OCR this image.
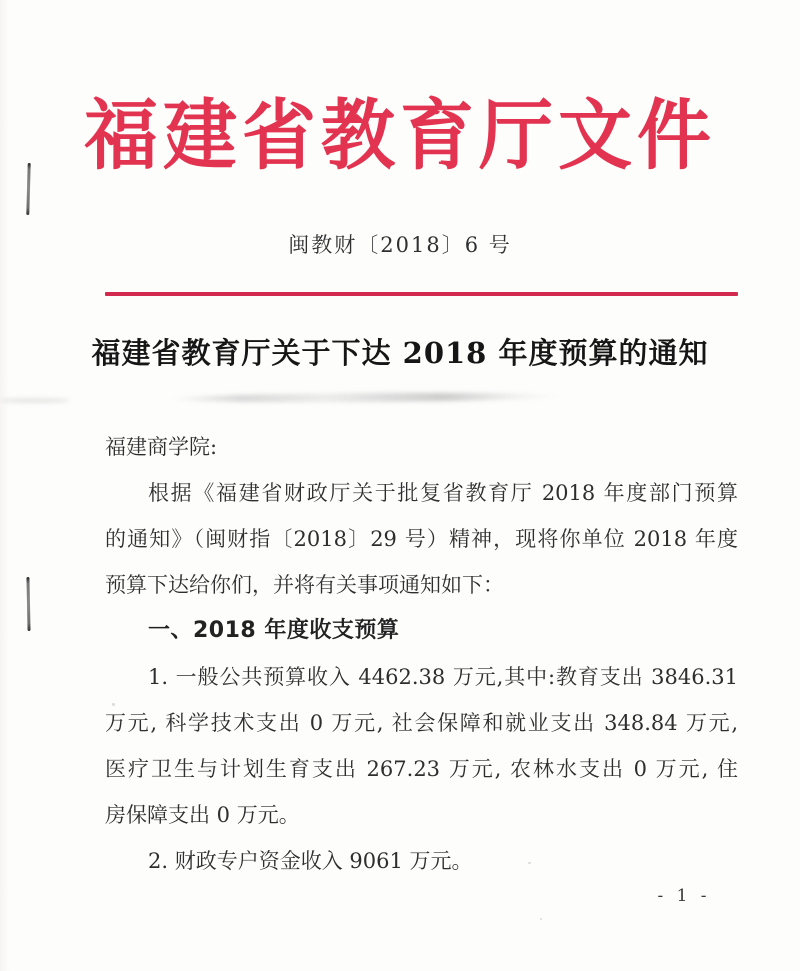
福建省教育厅文件
闽教财〔2018〕6 号
福建省教育厅关于下达 2018 年度预算的通知
福建商学院:
根据《福建省财政厅关于批复省教育厅 2018 年度部门预算
的通知》（闽财指〔2018〕29 号）精神，现将你单位 2018 年度
预算下达给你们，并将有关事项通知如下：
一、2018 年度收支预算
1. 一般公共预算收入 4462.38 万元,其中:教育支出 3846.31
万元, 科学技术支出 0 万元, 社会保障和就业支出 348.84 万元,
医疗卫生与计划生育支出 267.23 万元, 农林水支出 0 万元, 住
房保障支出 0 万元。
2. 财政专户资金收入 9061 万元。
- 1 -
